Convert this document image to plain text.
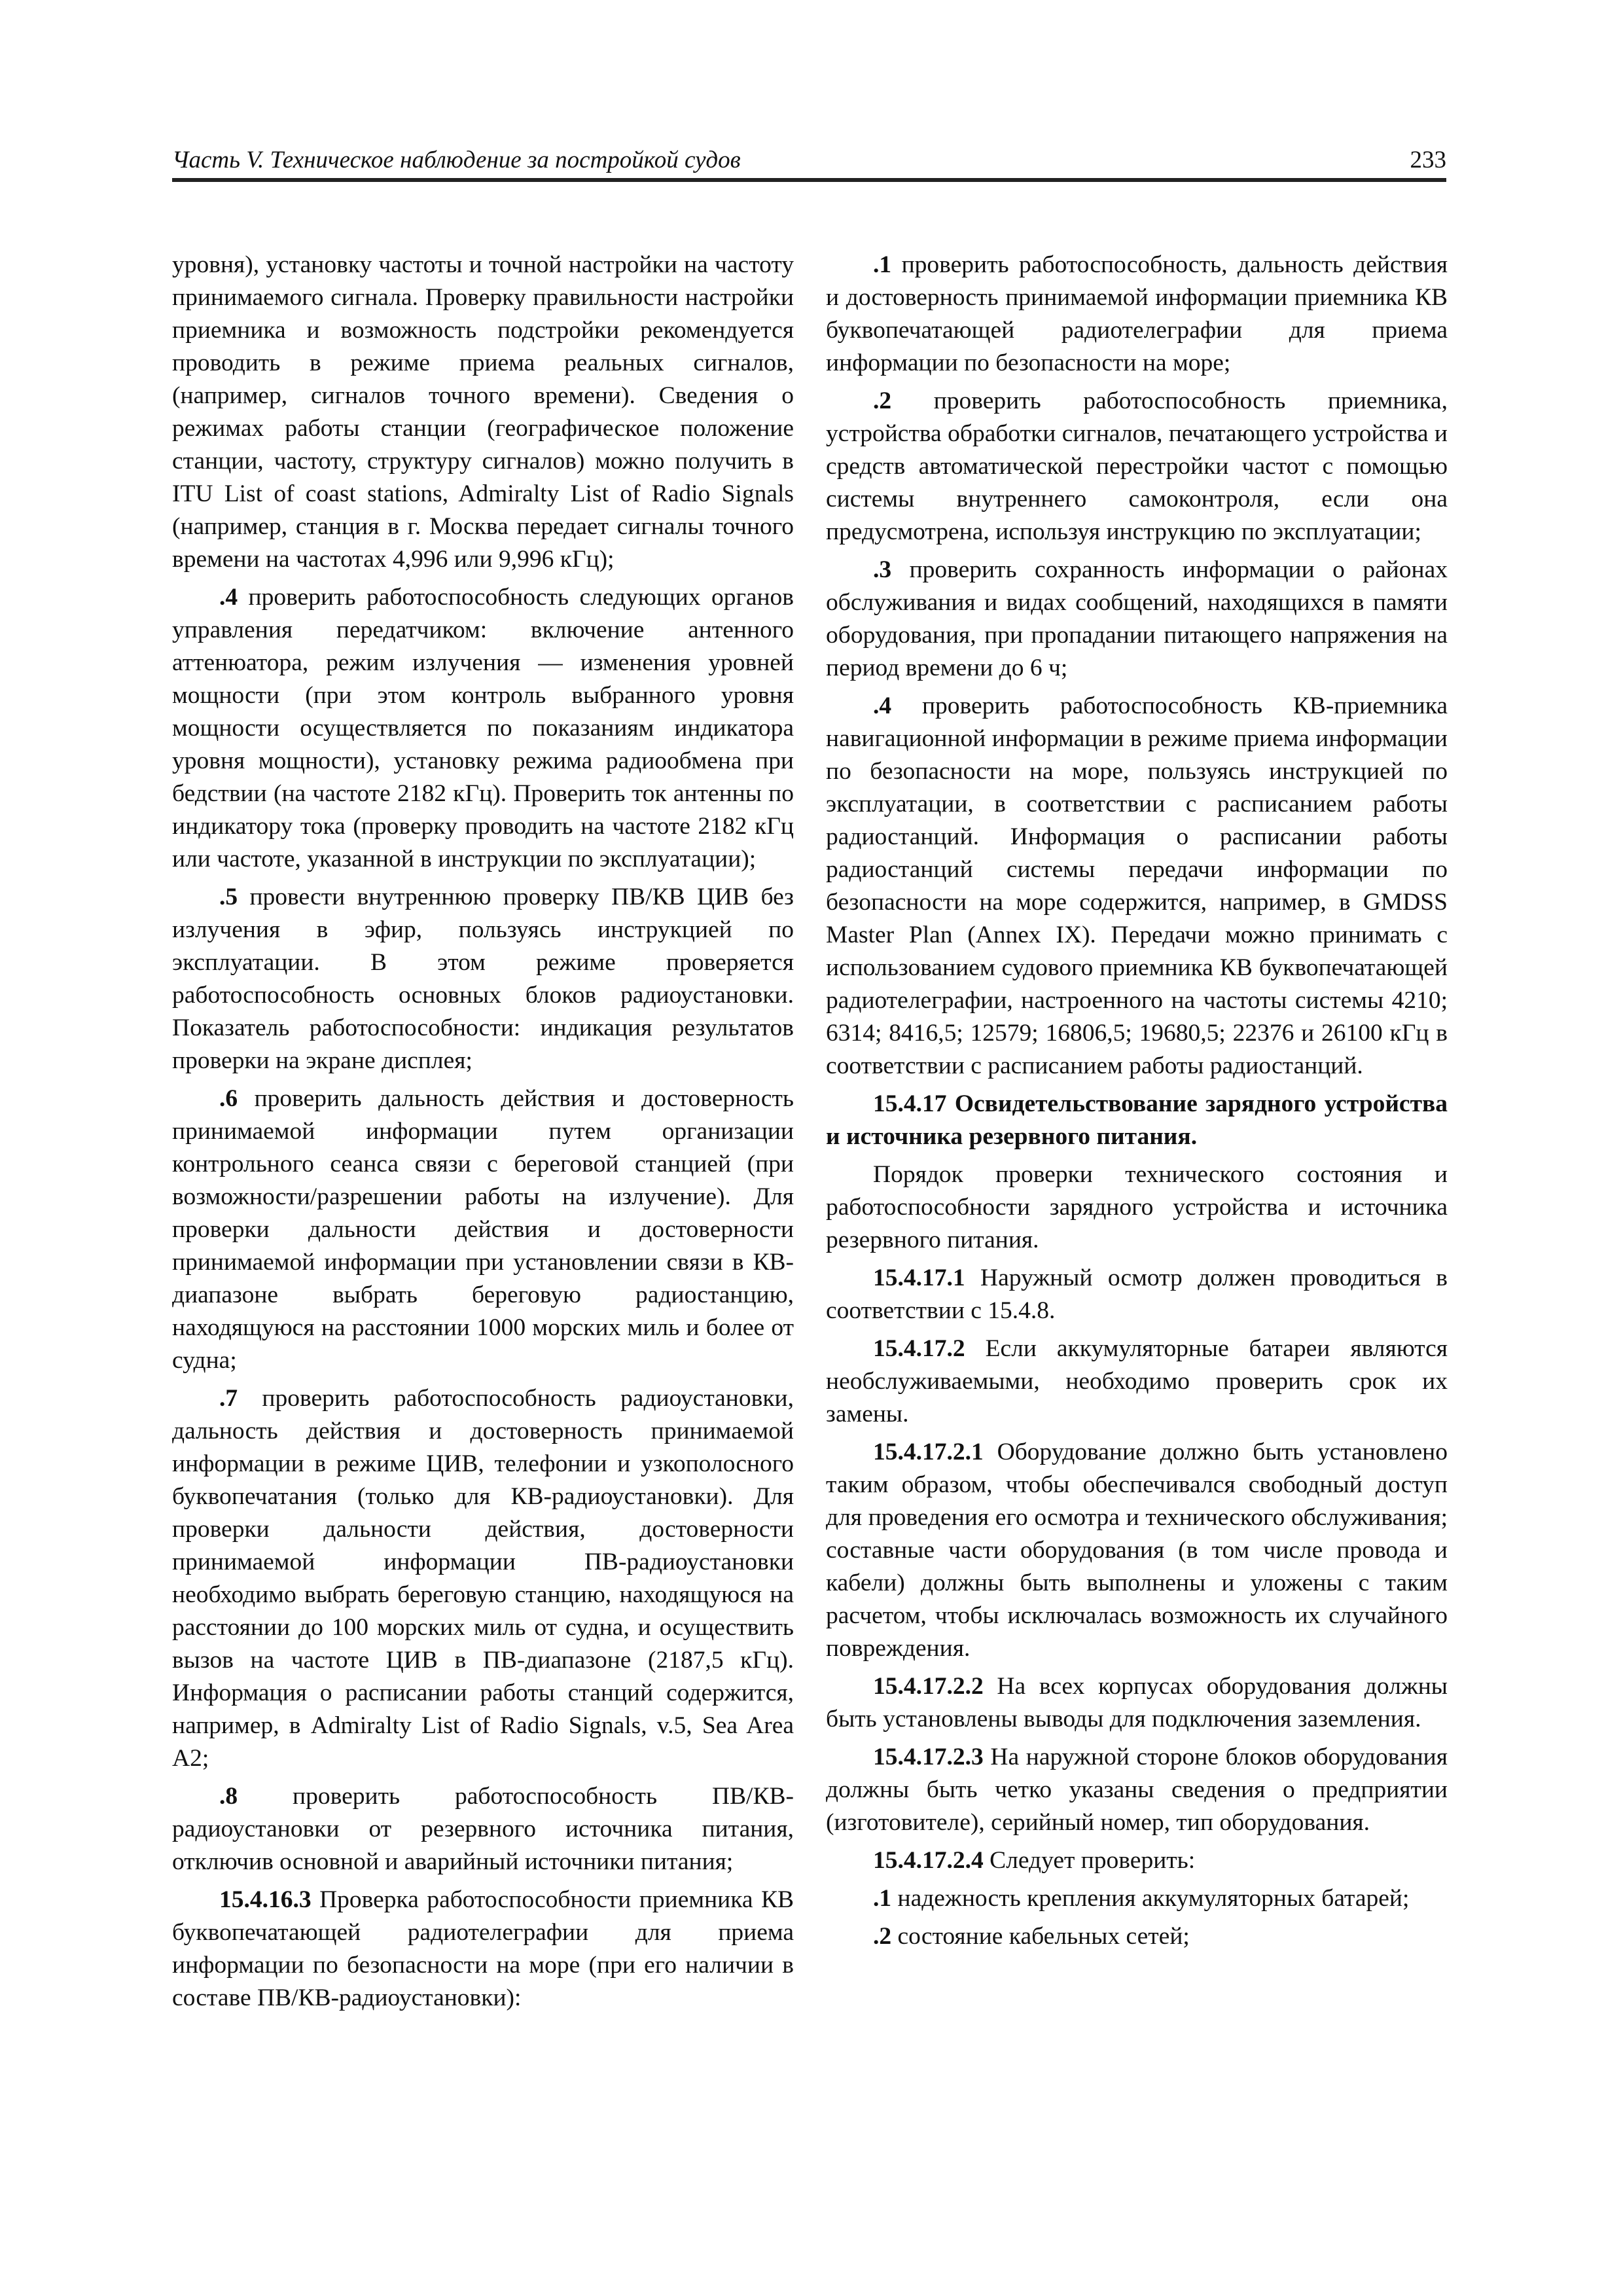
Часть V. Техническое наблюдение за постройкой судов	233

уровня), установку частоты и точной настройки на частоту принимаемого сигнала. Проверку правильности настройки приемника и возможность подстройки рекомендуется проводить в режиме приема реальных сигналов, (например, сигналов точного времени). Сведения о режимах работы станции (географическое положение станции, частоту, структуру сигналов) можно получить в ITU List of coast stations, Admiralty List of Radio Signals (например, станция в г. Москва передает сигналы точного времени на частотах 4,996 или 9,996 кГц);

.4 проверить работоспособность следующих органов управления передатчиком: включение антенного аттенюатора, режим излучения — изменения уровней мощности (при этом контроль выбранного уровня мощности осуществляется по показаниям индикатора уровня мощности), установку режима радиообмена при бедствии (на частоте 2182 кГц). Проверить ток антенны по индикатору тока (проверку проводить на частоте 2182 кГц или частоте, указанной в инструкции по эксплуатации);

.5 провести внутреннюю проверку ПВ/КВ ЦИВ без излучения в эфир, пользуясь инструкцией по эксплуатации. В этом режиме проверяется работоспособность основных блоков радиоустановки. Показатель работоспособности: индикация результатов проверки на экране дисплея;

.6 проверить дальность действия и достоверность принимаемой информации путем организации контрольного сеанса связи с береговой станцией (при возможности/разрешении работы на излучение). Для проверки дальности действия и достоверности принимаемой информации при установлении связи в КВ-диапазоне выбрать береговую радиостанцию, находящуюся на расстоянии 1000 морских миль и более от судна;

.7 проверить работоспособность радиоустановки, дальность действия и достоверность принимаемой информации в режиме ЦИВ, телефонии и узкополосного буквопечатания (только для КВ-радиоустановки). Для проверки дальности действия, достоверности принимаемой информации ПВ-радиоустановки необходимо выбрать береговую станцию, находящуюся на расстоянии до 100 морских миль от судна, и осуществить вызов на частоте ЦИВ в ПВ-диапазоне (2187,5 кГц). Информация о расписании работы станций содержится, например, в Admiralty List of Radio Signals, v.5, Sea Area A2;

.8 проверить работоспособность ПВ/КВ-радиоустановки от резервного источника питания, отключив основной и аварийный источники питания;

15.4.16.3 Проверка работоспособности приемника КВ буквопечатающей радиотелеграфии для приема информации по безопасности на море (при его наличии в составе ПВ/КВ-радиоустановки):

.1 проверить работоспособность, дальность действия и достоверность принимаемой информации приемника КВ буквопечатающей радиотелеграфии для приема информации по безопасности на море;

.2 проверить работоспособность приемника, устройства обработки сигналов, печатающего устройства и средств автоматической перестройки частот с помощью системы внутреннего самоконтроля, если она предусмотрена, используя инструкцию по эксплуатации;

.3 проверить сохранность информации о районах обслуживания и видах сообщений, находящихся в памяти оборудования, при пропадании питающего напряжения на период времени до 6 ч;

.4 проверить работоспособность КВ-приемника навигационной информации в режиме приема информации по безопасности на море, пользуясь инструкцией по эксплуатации, в соответствии с расписанием работы радиостанций. Информация о расписании работы радиостанций системы передачи информации по безопасности на море содержится, например, в GMDSS Master Plan (Annex IX). Передачи можно принимать с использованием судового приемника КВ буквопечатающей радиотелеграфии, настроенного на частоты системы 4210; 6314; 8416,5; 12579; 16806,5; 19680,5; 22376 и 26100 кГц в соответствии с расписанием работы радиостанций.

15.4.17 Освидетельствование зарядного устройства и источника резервного питания.

Порядок проверки технического состояния и работоспособности зарядного устройства и источника резервного питания.

15.4.17.1 Наружный осмотр должен проводиться в соответствии с 15.4.8.

15.4.17.2 Если аккумуляторные батареи являются необслуживаемыми, необходимо проверить срок их замены.

15.4.17.2.1 Оборудование должно быть установлено таким образом, чтобы обеспечивался свободный доступ для проведения его осмотра и технического обслуживания; составные части оборудования (в том числе провода и кабели) должны быть выполнены и уложены с таким расчетом, чтобы исключалась возможность их случайного повреждения.

15.4.17.2.2 На всех корпусах оборудования должны быть установлены выводы для подключения заземления.

15.4.17.2.3 На наружной стороне блоков оборудования должны быть четко указаны сведения о предприятии (изготовителе), серийный номер, тип оборудования.

15.4.17.2.4 Следует проверить:

.1 надежность крепления аккумуляторных батарей;

.2 состояние кабельных сетей;
